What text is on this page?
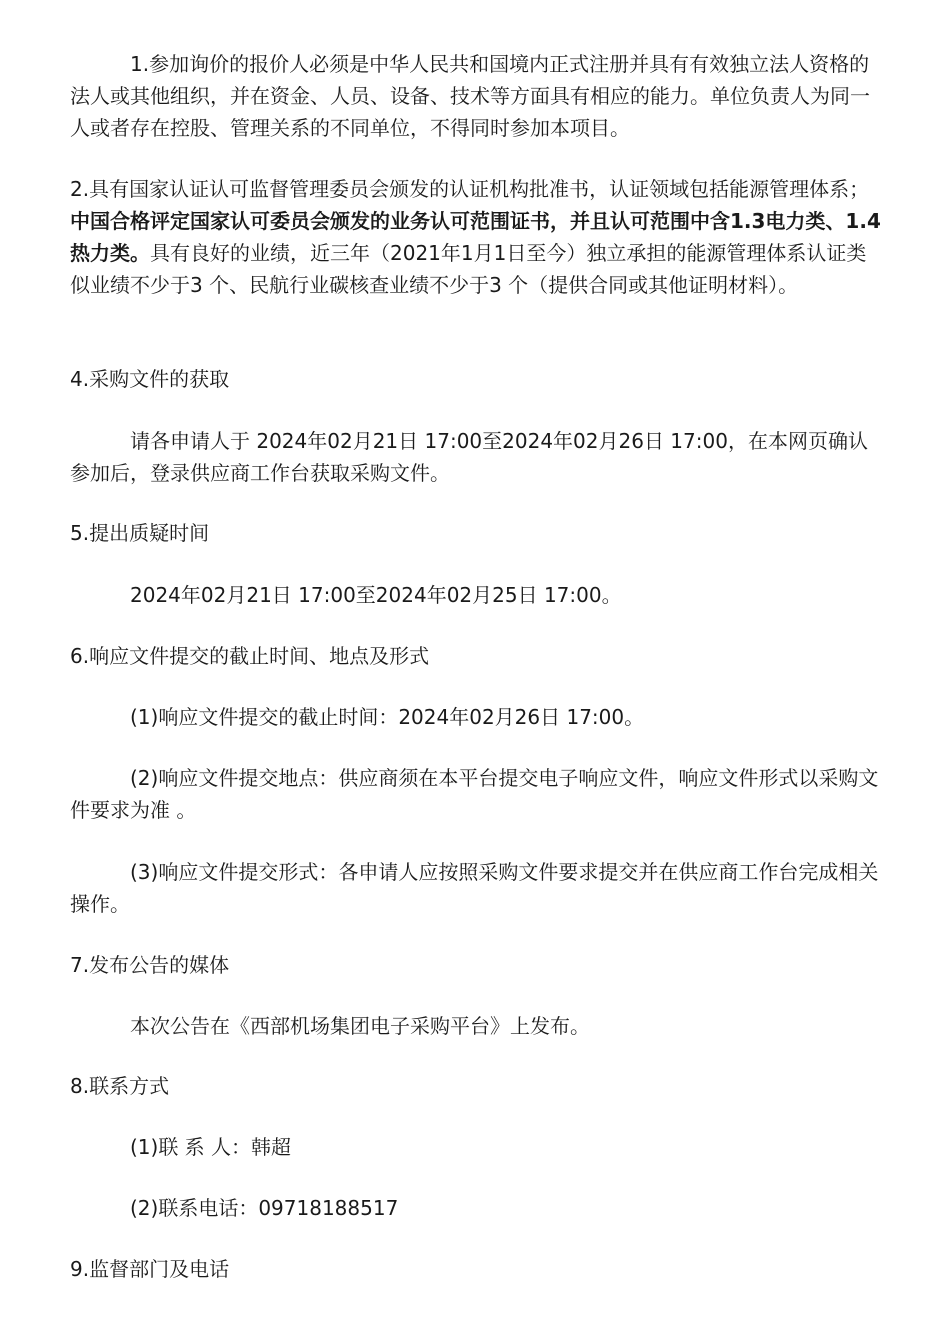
1.参加询价的报价人必须是中华人民共和国境内正式注册并具有有效独立法人资格的法人或其他组织，并在资金、人员、设备、技术等方面具有相应的能力。单位负责人为同一人或者存在控股、管理关系的不同单位，不得同时参加本项目。

2.具有国家认证认可监督管理委员会颁发的认证机构批准书，认证领域包括能源管理体系；中国合格评定国家认可委员会颁发的业务认可范围证书，并且认可范围中含1.3电力类、1.4热力类。具有良好的业绩，近三年（2021年1月1日至今）独立承担的能源管理体系认证类似业绩不少于3 个、民航行业碳核查业绩不少于3 个（提供合同或其他证明材料）。

4.采购文件的获取

请各申请人于 2024年02月21日 17:00至2024年02月26日 17:00，在本网页确认参加后，登录供应商工作台获取采购文件。

5.提出质疑时间

2024年02月21日 17:00至2024年02月25日 17:00。

6.响应文件提交的截止时间、地点及形式

(1)响应文件提交的截止时间：2024年02月26日 17:00。

(2)响应文件提交地点：供应商须在本平台提交电子响应文件，响应文件形式以采购文件要求为准 。

(3)响应文件提交形式：各申请人应按照采购文件要求提交并在供应商工作台完成相关操作。

7.发布公告的媒体

本次公告在《西部机场集团电子采购平台》上发布。

8.联系方式

(1)联 系 人：韩超

(2)联系电话：09718188517

9.监督部门及电话
